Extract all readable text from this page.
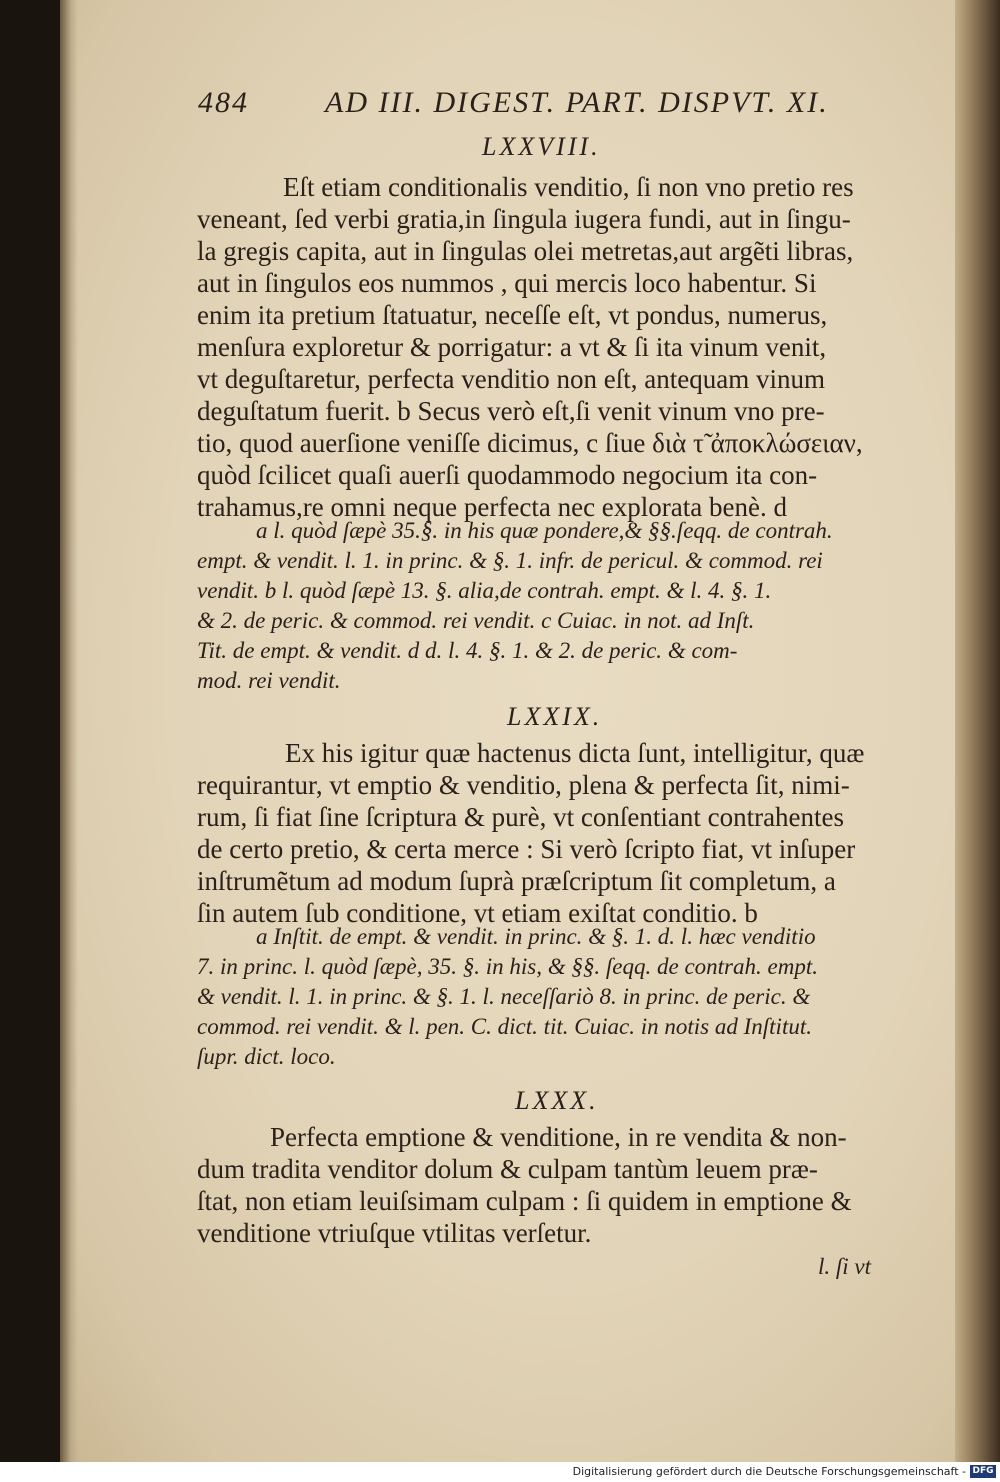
484	AD III. DIGEST. PART. DISPVT. XI.
LXXVIII.
Eſt etiam conditionalis venditio, ſi non vno pretio res
veneant, ſed verbi gratia,in ſingula iugera fundi, aut in ſingu-
la gregis capita, aut in ſingulas olei metretas,aut argẽti libras,
aut in ſingulos eos nummos , qui mercis loco habentur. Si
enim ita pretium ſtatuatur, neceſſe eſt, vt pondus, numerus,
menſura exploretur & porrigatur: a vt & ſi ita vinum venit,
vt deguſtaretur, perfecta venditio non eſt, antequam vinum
deguſtatum fuerit. b Secus verò eſt,ſi venit vinum vno pre-
tio, quod auerſione veniſſe dicimus, c ſiue διὰ τ̃ ἀποκλώσειαν,
quòd ſcilicet quaſi auerſi quodammodo negocium ita con-
trahamus,re omni neque perfecta nec explorata benè. d
a l. quòd ſæpè 35.§. in his quæ pondere,& §§.ſeqq. de contrah.
empt. & vendit. l. 1. in princ. & §. 1. infr. de pericul. & commod. rei
vendit. b l. quòd ſæpè 13. §. alia,de contrah. empt. & l. 4. §. 1.
& 2. de peric. & commod. rei vendit. c Cuiac. in not. ad Inſt.
Tit. de empt. & vendit. d d. l. 4. §. 1. & 2. de peric. & com-
mod. rei vendit.
LXXIX.
Ex his igitur quæ hactenus dicta ſunt, intelligitur, quæ
requirantur, vt emptio & venditio, plena & perfecta ſit, nimi-
rum, ſi fiat ſine ſcriptura & purè, vt conſentiant contrahentes
de certo pretio, & certa merce : Si verò ſcripto fiat, vt inſuper
inſtrumẽtum ad modum ſuprà præſcriptum ſit completum, a
ſin autem ſub conditione, vt etiam exiſtat conditio. b
a Inſtit. de empt. & vendit. in princ. & §. 1. d. l. hæc venditio
7. in princ. l. quòd ſæpè, 35. §. in his, & §§. ſeqq. de contrah. empt.
& vendit. l. 1. in princ. & §. 1. l. neceſſariò 8. in princ. de peric. &
commod. rei vendit. & l. pen. C. dict. tit. Cuiac. in notis ad Inſtitut.
ſupr. dict. loco.
LXXX.
Perfecta emptione & venditione, in re vendita & non-
dum tradita venditor dolum & culpam tantùm leuem præ-
ſtat, non etiam leuiſsimam culpam : ſi quidem in emptione &
venditione vtriuſque vtilitas verſetur.
l. ſi vt
Digitalisierung gefördert durch die Deutsche Forschungsgemeinschaft - DFG
